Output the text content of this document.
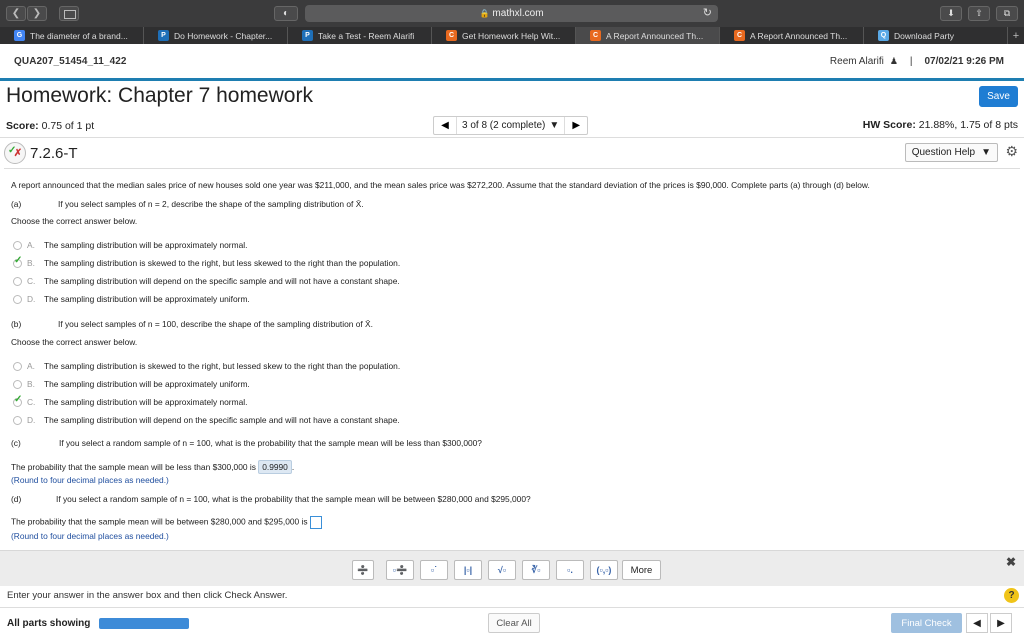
❮	❯	◐	🔒 mathxl.com	↻	⬇	⇧	⧉
G The diameter of a brand...	P Do Homework - Chapter...	P Take a Test - Reem Alarifi	C Get Homework Help Wit...	C A Report Announced Th...	C A Report Announced Th...	Q Download Party	+
QUA207_51454_11_422	Reem Alarifi ♟ | 07/02/21 9:26 PM
Homework: Chapter 7 homework	Save
Score: 0.75 of 1 pt	◀	3 of 8 (2 complete) ▼	▶	HW Score: 21.88%, 1.75 of 8 pts
✓
✗ 7.2.6-T	Question Help ▼ ⚙
A report announced that the median sales price of new houses sold one year was $211,000, and the mean sales price was $272,200. Assume that the standard deviation of the prices is $90,000. Complete parts (a) through (d) below.
(a)	If you select samples of n = 2, describe the shape of the sampling distribution of X̄.
Choose the correct answer below.
A.	The sampling distribution will be approximately normal.
✓ B.	The sampling distribution is skewed to the right, but less skewed to the right than the population.
C.	The sampling distribution will depend on the specific sample and will not have a constant shape.
D.	The sampling distribution will be approximately uniform.
(b)	If you select samples of n = 100, describe the shape of the sampling distribution of X̄.
Choose the correct answer below.
A.	The sampling distribution is skewed to the right, but lessed skew to the right than the population.
B.	The sampling distribution will be approximately uniform.
✓ C.	The sampling distribution will be approximately normal.
D.	The sampling distribution will depend on the specific sample and will not have a constant shape.
(c)	If you select a random sample of n = 100, what is the probability that the sample mean will be less than $300,000?
The probability that the sample mean will be less than $300,000 is 0.9990 .
(Round to four decimal places as needed.)
(d)	If you select a random sample of n = 100, what is the probability that the sample mean will be between $280,000 and $295,000?
The probability that the sample mean will be between $280,000 and $295,000 is
(Round to four decimal places as needed.)
➗	▫➗	▫˙	|▫|	√▫	∛▫	▫.	(▫,▫)	More
✖
Enter your answer in the answer box and then click Check Answer.	?
All parts showing	Clear All	Final Check	◀	▶
